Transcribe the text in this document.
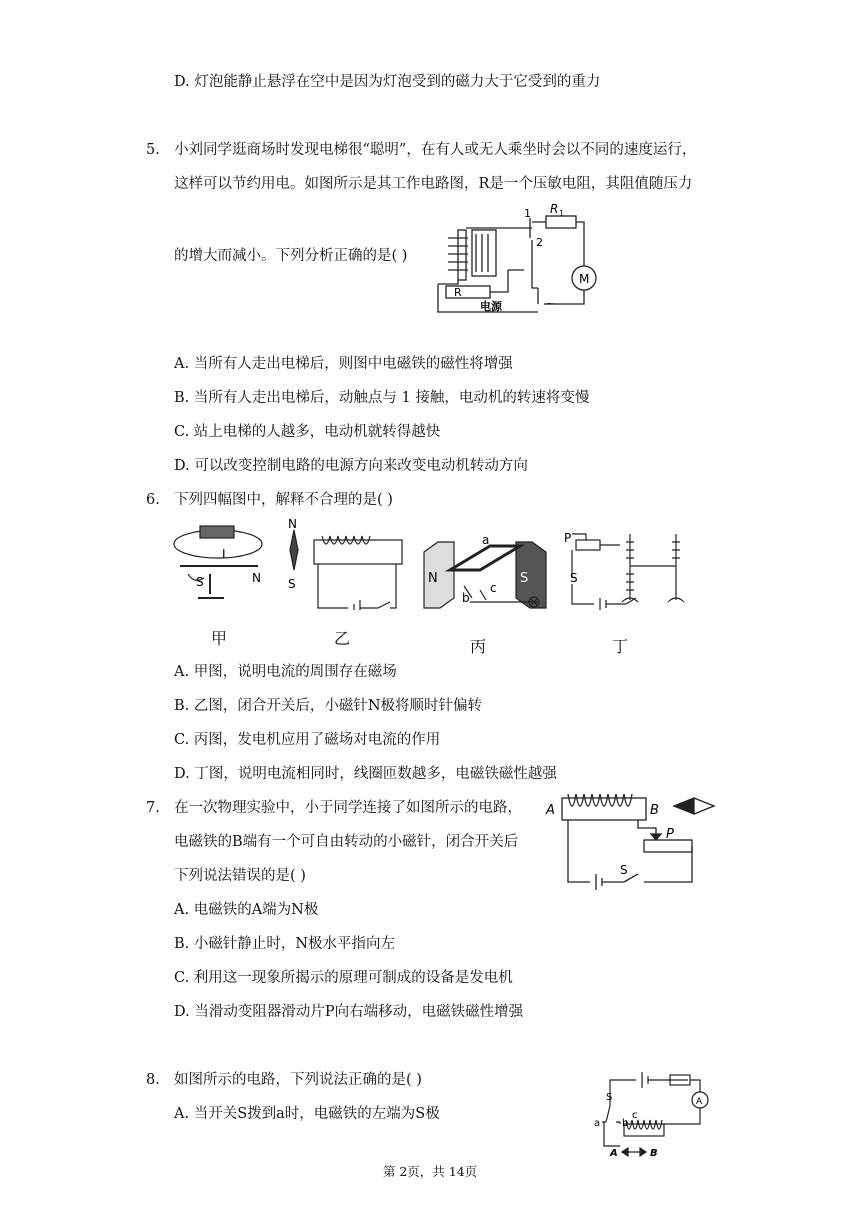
D. 灯泡能静止悬浮在空中是因为灯泡受到的磁力大于它受到的重力
5. 小刘同学逛商场时发现电梯很“聪明”，在有人或无人乘坐时会以不同的速度运行，
这样可以节约用电。如图所示是其工作电路图，R是一个压敏电阻，其阻值随压力
的增大而减小。下列分析正确的是( )
1
2
R 1
M
R
电源	~
A. 当所有人走出电梯后，则图中电磁铁的磁性将增强
B. 当所有人走出电梯后，动触点与 1 接触，电动机的转速将变慢
C. 站上电梯的人越多，电动机就转得越快
D. 可以改变控制电路的电源方向来改变电动机转动方向
6. 下列四幅图中，解释不合理的是( )
I
S	N
N
S
a
N	S
b
c
P
S
甲	乙	丙	丁
A. 甲图，说明电流的周围存在磁场
B. 乙图，闭合开关后，小磁针N极将顺时针偏转
C. 丙图，发电机应用了磁场对电流的作用
D. 丁图，说明电流相同时，线圈匝数越多，电磁铁磁性越强
7. 在一次物理实验中，小于同学连接了如图所示的电路，
电磁铁的B端有一个可自由转动的小磁针，闭合开关后
下列说法错误的是( )
A	B
P
S
A. 电磁铁的A端为N极
B. 小磁针静止时，N极水平指向左
C. 利用这一现象所揭示的原理可制成的设备是发电机
D. 当滑动变阻器滑动片P向右端移动，电磁铁磁性增强
8. 如图所示的电路，下列说法正确的是( )
A. 当开关S拨到a时，电磁铁的左端为S极
S
a b
c
A
A	B
第 2页，共 14页
